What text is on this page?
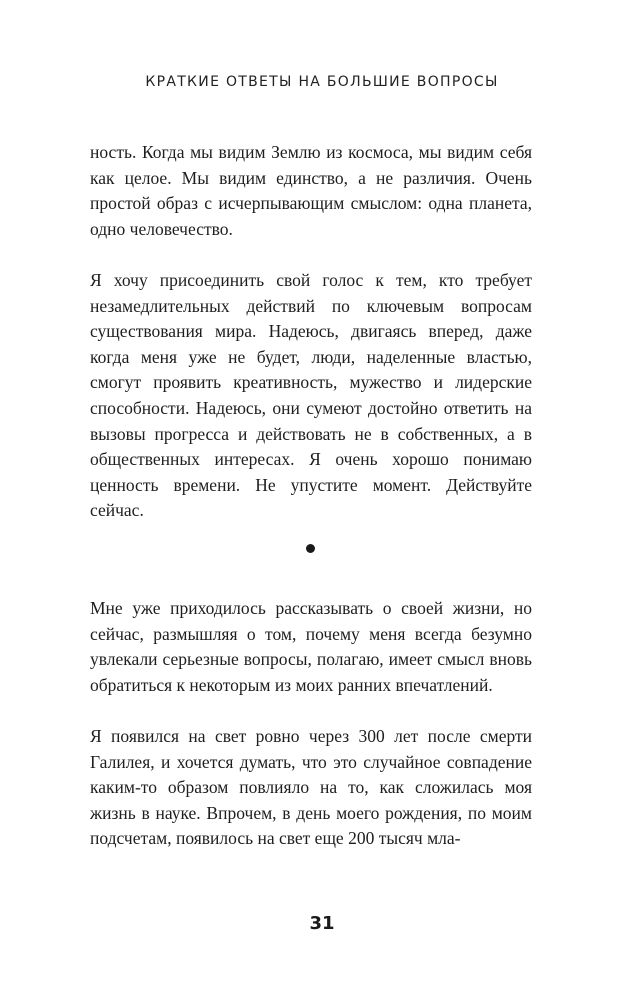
КРАТКИЕ ОТВЕТЫ НА БОЛЬШИЕ ВОПРОСЫ

ность. Когда мы видим Землю из космоса, мы видим себя как целое. Мы видим единство, а не различия. Очень простой образ с исчерпывающим смыслом: одна планета, одно человечество.

Я хочу присоединить свой голос к тем, кто требует незамедлительных действий по ключевым вопросам существования мира. Надеюсь, двигаясь вперед, даже когда меня уже не будет, люди, наделенные властью, смогут проявить креативность, мужество и лидерские способности. Надеюсь, они сумеют достойно ответить на вызовы прогресса и действовать не в собственных, а в общественных интересах. Я очень хорошо понимаю ценность времени. Не упустите момент. Действуйте сейчас.

Мне уже приходилось рассказывать о своей жизни, но сейчас, размышляя о том, почему меня всегда безумно увлекали серьезные вопросы, полагаю, имеет смысл вновь обратиться к некоторым из моих ранних впечатлений.

Я появился на свет ровно через 300 лет после смерти Галилея, и хочется думать, что это случайное совпадение каким-то образом повлияло на то, как сложилась моя жизнь в науке. Впрочем, в день моего рождения, по моим подсчетам, появилось на свет еще 200 тысяч мла-

31
